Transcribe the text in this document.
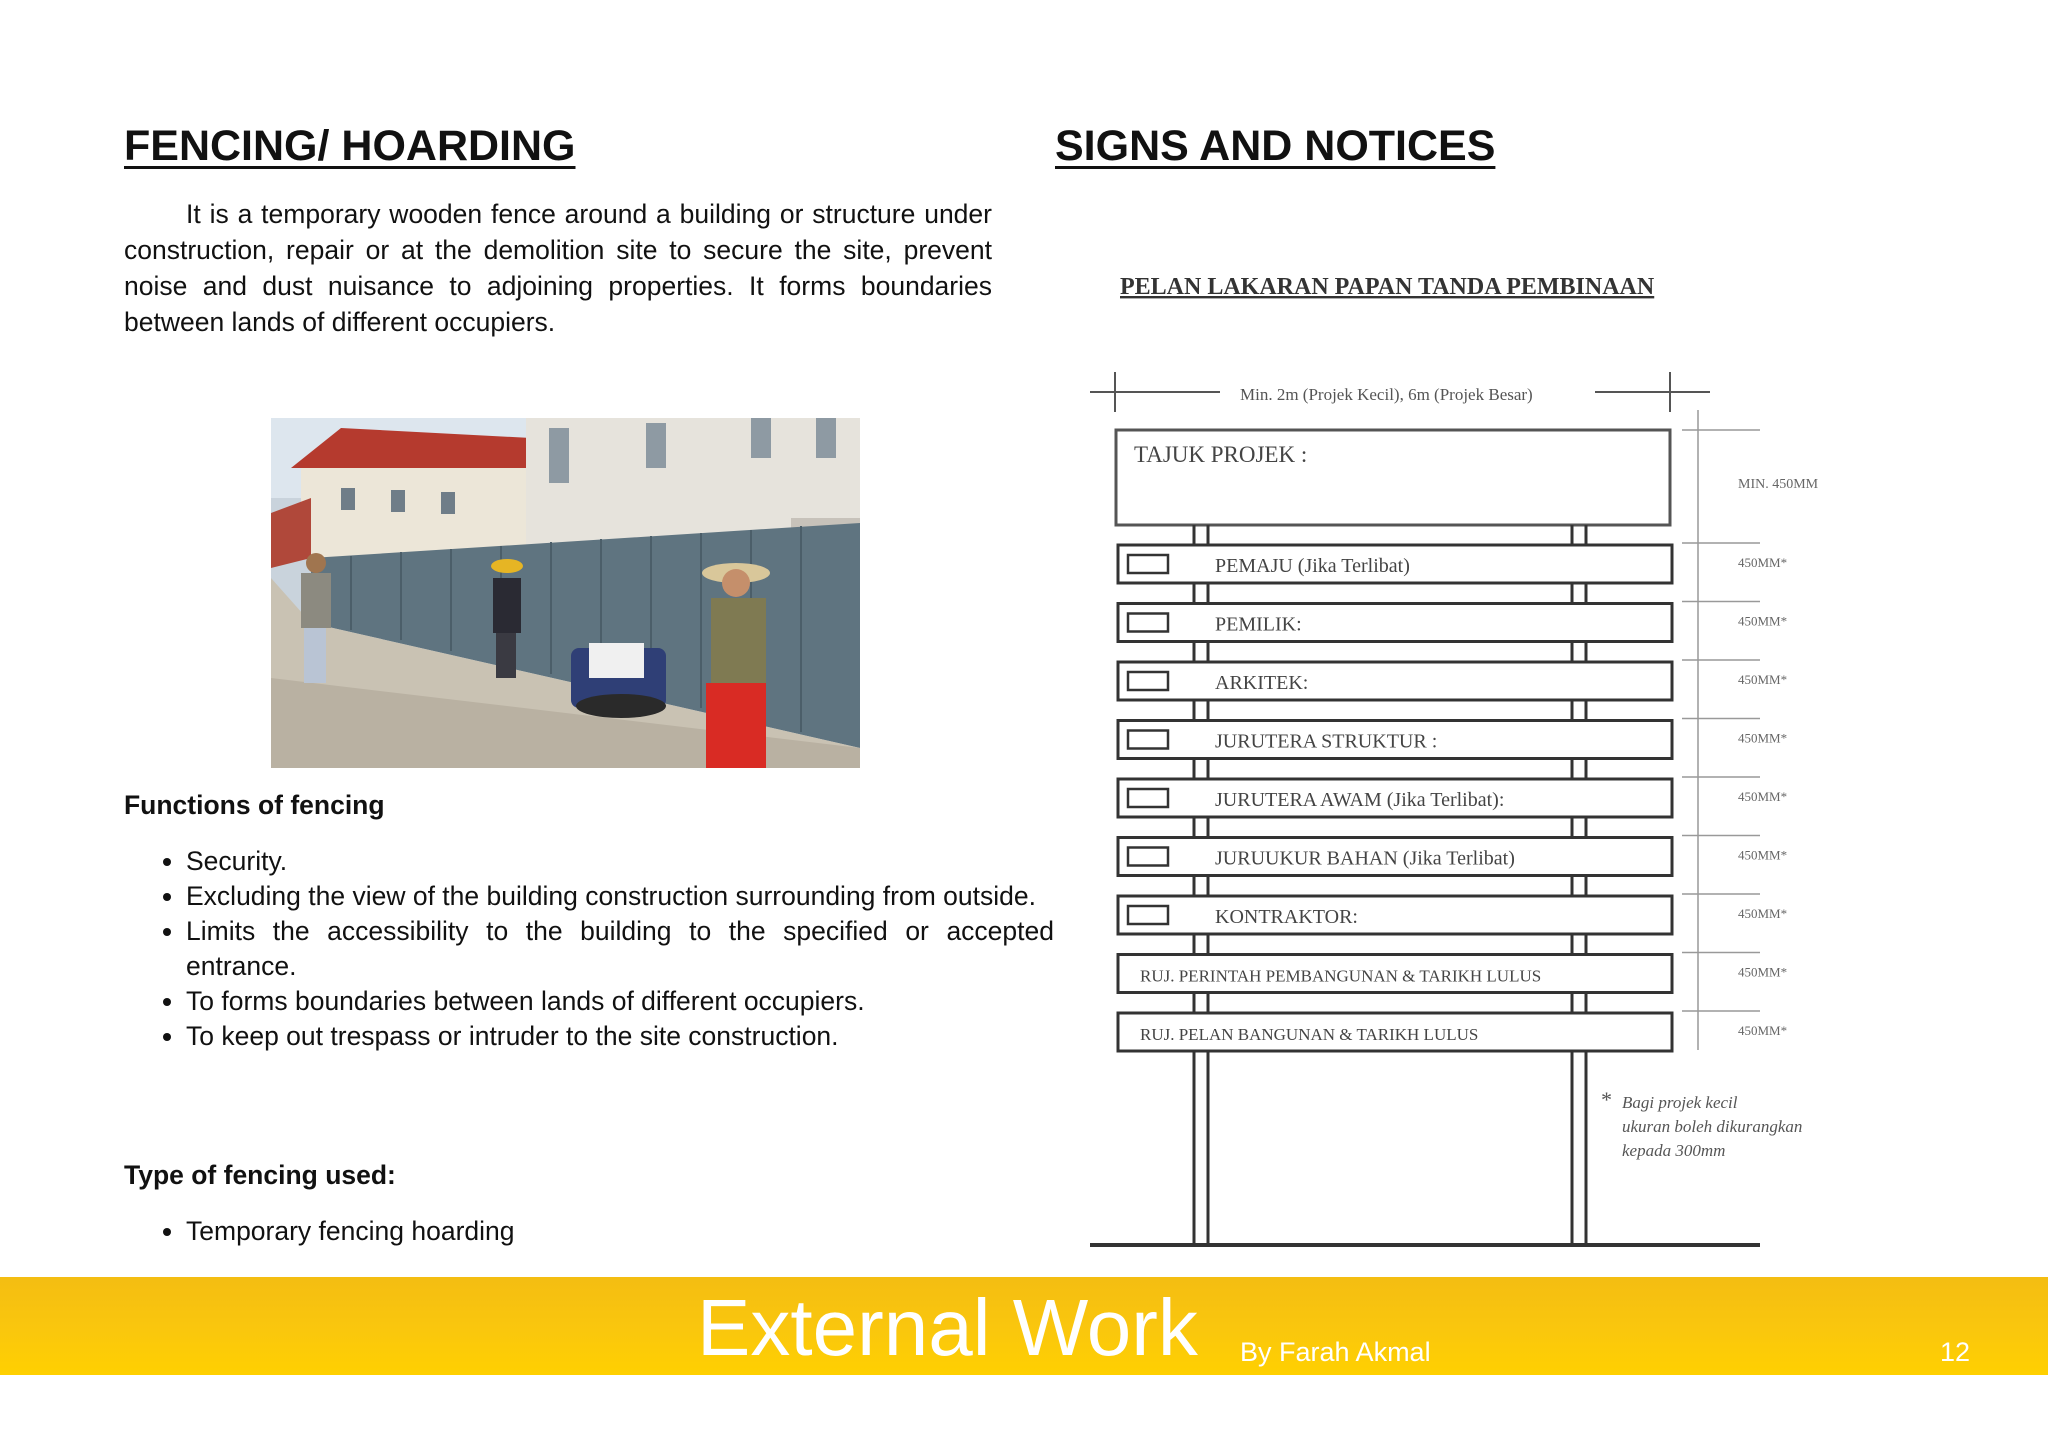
FENCING/ HOARDING

It is a temporary wooden fence around a building or structure under construction, repair or at the demolition site to secure the site, prevent noise and dust nuisance to adjoining properties. It forms boundaries between lands of different occupiers.

Functions of fencing
• Security.
• Excluding the view of the building construction surrounding from outside.
• Limits the accessibility to the building to the specified or accepted entrance.
• To forms boundaries between lands of different occupiers.
• To keep out trespass or intruder to the site construction.
Type of fencing used:
• Temporary fencing hoarding
SIGNS AND NOTICES
PELAN LAKARAN PAPAN TANDA PEMBINAAN
Min. 2m (Projek Kecil), 6m (Projek Besar)
TAJUK PROJEK :
MIN. 450MM
PEMAJU (Jika Terlibat)	450MM*
PEMILIK:	450MM*
ARKITEK:	450MM*
JURUTERA STRUKTUR :	450MM*
JURUTERA AWAM (Jika Terlibat):	450MM*
JURUUKUR BAHAN (Jika Terlibat)	450MM*
KONTRAKTOR:	450MM*
RUJ. PERINTAH PEMBANGUNAN & TARIKH LULUS	450MM*
RUJ. PELAN BANGUNAN & TARIKH LULUS	450MM*
* Bagi projek kecil
ukuran boleh dikurangkan
kepada 300mm
External Work By Farah Akmal	12
